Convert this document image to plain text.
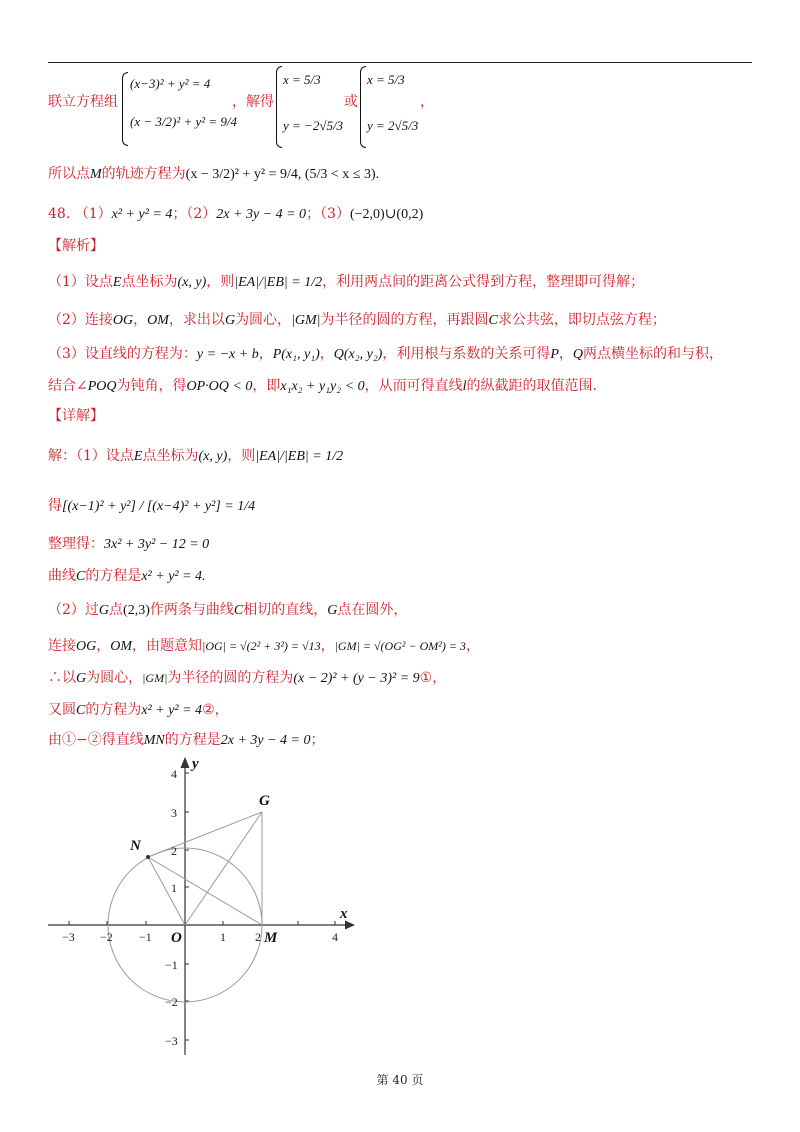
联立方程组
(x−3)² + y² = 4
(x − 3/2)² + y² = 9/4
，解得
x = 5/3
y = −2√5/3
或
x = 5/3
y = 2√5/3
，
所以点M的轨迹方程为(x − 3/2)² + y² = 9/4, (5/3 < x ≤ 3).
48. （1）x² + y² = 4；（2）2x + 3y − 4 = 0；（3）(−2,0)∪(0,2)
【解析】
（1）设点E点坐标为(x, y)，则|EA|/|EB| = 1/2，利用两点间的距离公式得到方程，整理即可得解；
（2）连接OG，OM，求出以G为圆心，|GM|为半径的圆的方程，再跟圆C求公共弦，即切点弦方程；
（3）设直线的方程为：y = −x + b，P(x₁, y₁)，Q(x₂, y₂)，利用根与系数的关系可得P，Q两点横坐标的和与积，
结合∠POQ为钝角，得OP·OQ < 0，即x₁x₂ + y₁y₂ < 0，从而可得直线l的纵截距的取值范围.
【详解】
解：（1）设点E点坐标为(x, y)，则|EA|/|EB| = 1/2
得[(x−1)² + y²] / [(x−4)² + y²] = 1/4
整理得：3x² + 3y² − 12 = 0
曲线C的方程是x² + y² = 4.
（2）过G点(2,3)作两条与曲线C相切的直线，G点在圆外，
连接OG，OM，由题意知|OG| = √(2² + 3²) = √13，|GM| = √(OG² − OM²) = 3，
∴以G为圆心，|GM|为半径的圆的方程为(x − 2)² + (y − 3)² = 9①，
又圆C的方程为x² + y² = 4②，
由①−②得直线MN的方程是2x + 3y − 4 = 0；
x
y
−3 −2 −1	1 2	4
4
3
2
1
−1
−2
−3
O
G
N
M
第 40 页
